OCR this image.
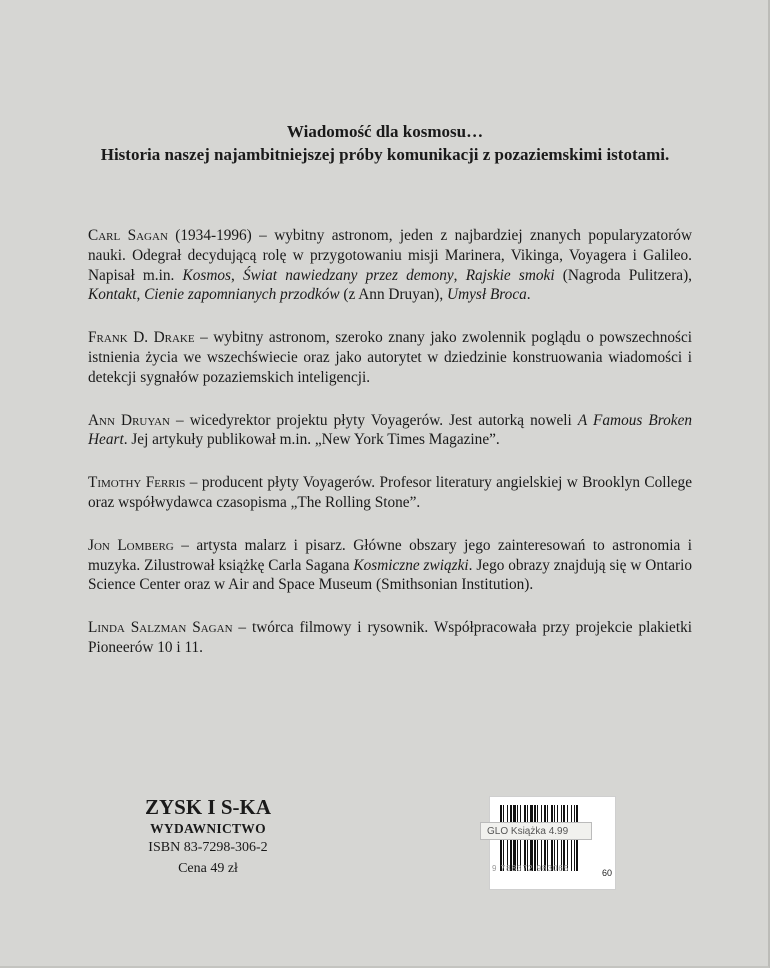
Wiadomość dla kosmosu…
Historia naszej najambitniejszej próby komunikacji z pozaziemskimi istotami.

Carl Sagan (1934-1996) – wybitny astronom, jeden z najbardziej znanych popularyzatorów nauki. Odegrał decydującą rolę w przygotowaniu misji Marinera, Vikinga, Voyagera i Galileo. Napisał m.in. Kosmos, Świat nawiedzany przez demony, Rajskie smoki (Nagroda Pulitzera), Kontakt, Cienie zapomnianych przodków (z Ann Druyan), Umysł Broca.

Frank D. Drake – wybitny astronom, szeroko znany jako zwolennik poglądu o powszechności istnienia życia we wszechświecie oraz jako autorytet w dziedzinie konstruowania wiadomości i detekcji sygnałów pozaziemskich inteligencji.

Ann Druyan – wicedyrektor projektu płyty Voyagerów. Jest autorką noweli A Famous Broken Heart. Jej artykuły publikował m.in. „New York Times Magazine”.

Timothy Ferris – producent płyty Voyagerów. Profesor literatury angielskiej w Brooklyn College oraz współwydawca czasopisma „The Rolling Stone”.

Jon Lomberg – artysta malarz i pisarz. Główne obszary jego zainteresowań to astronomia i muzyka. Zilustrował książkę Carla Sagana Kosmiczne związki. Jego obrazy znajdują się w Ontario Science Center oraz w Air and Space Museum (Smithsonian Institution).

Linda Salzman Sagan – twórca filmowy i rysownik. Współpracowała przy projekcie plakietki Pioneerów 10 i 11.

ZYSK I S-KA
WYDAWNICTWO
ISBN 83-7298-306-2
Cena 49 zł
GLO Książka 4.99
9 788372 983065	60
